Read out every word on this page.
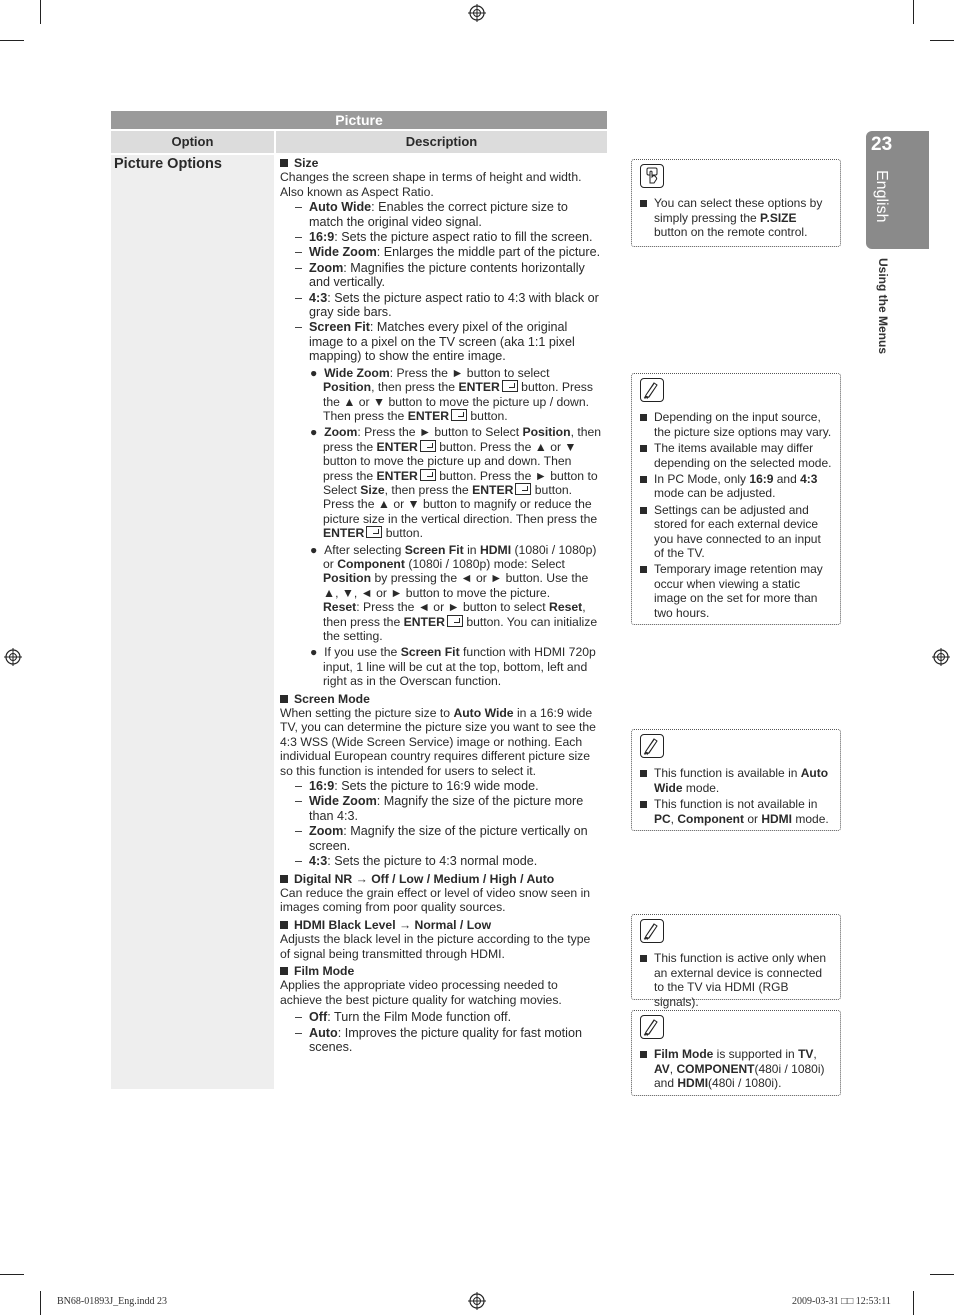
Picture
Option	Description
Picture Options	Size

Changes the screen shape in terms of height and width. Also known as Aspect Ratio.

–  Auto Wide: Enables the correct picture size to match the original video signal.

–  16:9: Sets the picture aspect ratio to fill the screen.

–  Wide Zoom: Enlarges the middle part of the picture.

–  Zoom: Magnifies the picture contents horizontally and vertically.

–  4:3: Sets the picture aspect ratio to 4:3 with black or gray side bars.

–  Screen Fit: Matches every pixel of the original image to a pixel on the TV screen (aka 1:1 pixel mapping) to show the entire image.

●  Wide Zoom: Press the ► button to select Position, then press the ENTER button. Press the ▲ or ▼ button to move the picture up / down. Then press the ENTER button.

●  Zoom: Press the ► button to Select Position, then press the ENTER button. Press the ▲ or ▼ button to move the picture up and down. Then press the ENTER button. Press the ► button to Select Size, then press the ENTER button. Press the ▲ or ▼ button to magnify or reduce the picture size in the vertical direction. Then press the ENTER button.

●  After selecting Screen Fit in HDMI (1080i / 1080p) or Component (1080i / 1080p) mode: Select Position by pressing the ◄ or ► button. Use the ▲, ▼, ◄ or ► button to move the picture.
Reset: Press the ◄ or ► button to select Reset, then press the ENTER button. You can initialize the setting.

●  If you use the Screen Fit function with HDMI 720p input, 1 line will be cut at the top, bottom, left and right as in the Overscan function.

Screen Mode

When setting the picture size to Auto Wide in a 16:9 wide TV, you can determine the picture size you want to see the 4:3 WSS (Wide Screen Service) image or nothing. Each individual European country requires different picture size so this function is intended for users to select it.

–  16:9: Sets the picture to 16:9 wide mode.

–  Wide Zoom: Magnify the size of the picture more than 4:3.

–  Zoom: Magnify the size of the picture vertically on screen.

–  4:3: Sets the picture to 4:3 normal mode.

Digital NR → Off / Low / Medium / High / Auto

Can reduce the grain effect or level of video snow seen in images coming from poor quality sources.

HDMI Black Level → Normal / Low

Adjusts the black level in the picture according to the type of signal being transmitted through HDMI.

Film Mode

Applies the appropriate video processing needed to achieve the best picture quality for watching movies.

–  Off: Turn the Film Mode function off.

–  Auto: Improves the picture quality for fast motion scenes.

You can select these options by simply pressing the P.SIZE button on the remote control.

Depending on the input source, the picture size options may vary.

The items available may differ depending on the selected mode.

In PC Mode, only 16:9 and 4:3 mode can be adjusted.

Settings can be adjusted and stored for each external device you have connected to an input of the TV.

Temporary image retention may occur when viewing a static image on the set for more than two hours.

This function is available in Auto Wide mode.

This function is not available in PC, Component or HDMI mode.

This function is active only when an external device is connected to the TV via HDMI (RGB signals).

Film Mode is supported in TV, AV, COMPONENT(480i / 1080i) and HDMI(480i / 1080i).

23
English
Using the Menus
BN68-01893J_Eng.indd 23	2009-03-31 □□ 12:53:11
